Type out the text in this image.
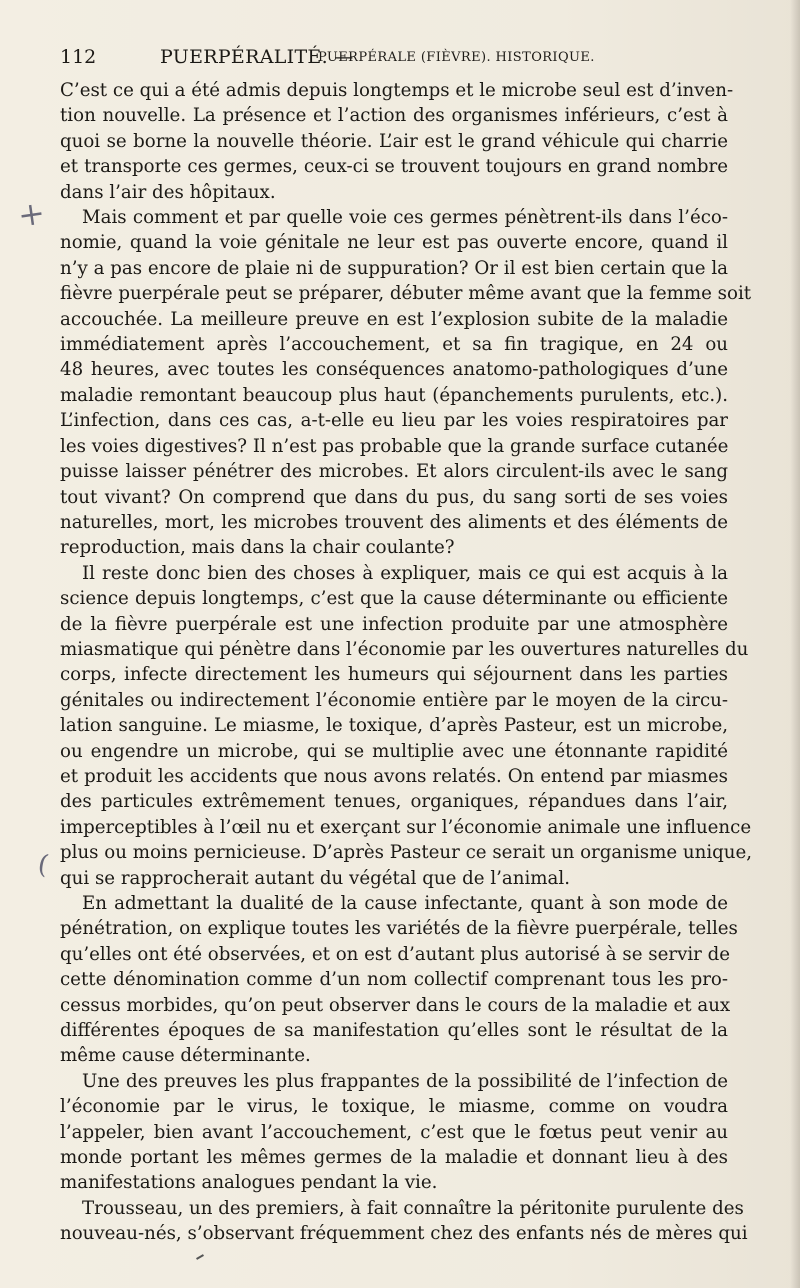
112	PUERPÉRALITÉ. —
PUERPÉRALE (FIÈVRE). HISTORIQUE.
+
(
C’est ce qui a été admis depuis longtemps et le microbe seul est d’inven-
tion nouvelle. La présence et l’action des organismes inférieurs, c’est à
quoi se borne la nouvelle théorie. L’air est le grand véhicule qui charrie
et transporte ces germes, ceux-ci se trouvent toujours en grand nombre
dans l’air des hôpitaux.
Mais comment et par quelle voie ces germes pénètrent-ils dans l’éco-
nomie, quand la voie génitale ne leur est pas ouverte encore, quand il
n’y a pas encore de plaie ni de suppuration? Or il est bien certain que la
fièvre puerpérale peut se préparer, débuter même avant que la femme soit
accouchée. La meilleure preuve en est l’explosion subite de la maladie
immédiatement après l’accouchement, et sa fin tragique, en 24 ou
48 heures, avec toutes les conséquences anatomo-pathologiques d’une
maladie remontant beaucoup plus haut (épanchements purulents, etc.).
L’infection, dans ces cas, a-t-elle eu lieu par les voies respiratoires par
les voies digestives? Il n’est pas probable que la grande surface cutanée
puisse laisser pénétrer des microbes. Et alors circulent-ils avec le sang
tout vivant? On comprend que dans du pus, du sang sorti de ses voies
naturelles, mort, les microbes trouvent des aliments et des éléments de
reproduction, mais dans la chair coulante?
Il reste donc bien des choses à expliquer, mais ce qui est acquis à la
science depuis longtemps, c’est que la cause déterminante ou efficiente
de la fièvre puerpérale est une infection produite par une atmosphère
miasmatique qui pénètre dans l’économie par les ouvertures naturelles du
corps, infecte directement les humeurs qui séjournent dans les parties
génitales ou indirectement l’économie entière par le moyen de la circu-
lation sanguine. Le miasme, le toxique, d’après Pasteur, est un microbe,
ou engendre un microbe, qui se multiplie avec une étonnante rapidité
et produit les accidents que nous avons relatés. On entend par miasmes
des particules extrêmement tenues, organiques, répandues dans l’air,
imperceptibles à l’œil nu et exerçant sur l’économie animale une influence
plus ou moins pernicieuse. D’après Pasteur ce serait un organisme unique,
qui se rapprocherait autant du végétal que de l’animal.
En admettant la dualité de la cause infectante, quant à son mode de
pénétration, on explique toutes les variétés de la fièvre puerpérale, telles
qu’elles ont été observées, et on est d’autant plus autorisé à se servir de
cette dénomination comme d’un nom collectif comprenant tous les pro-
cessus morbides, qu’on peut observer dans le cours de la maladie et aux
différentes époques de sa manifestation qu’elles sont le résultat de la
même cause déterminante.
Une des preuves les plus frappantes de la possibilité de l’infection de
l’économie par le virus, le toxique, le miasme, comme on voudra
l’appeler, bien avant l’accouchement, c’est que le fœtus peut venir au
monde portant les mêmes germes de la maladie et donnant lieu à des
manifestations analogues pendant la vie.
Trousseau, un des premiers, à fait connaître la péritonite purulente des
nouveau-nés, s’observant fréquemment chez des enfants nés de mères qui
